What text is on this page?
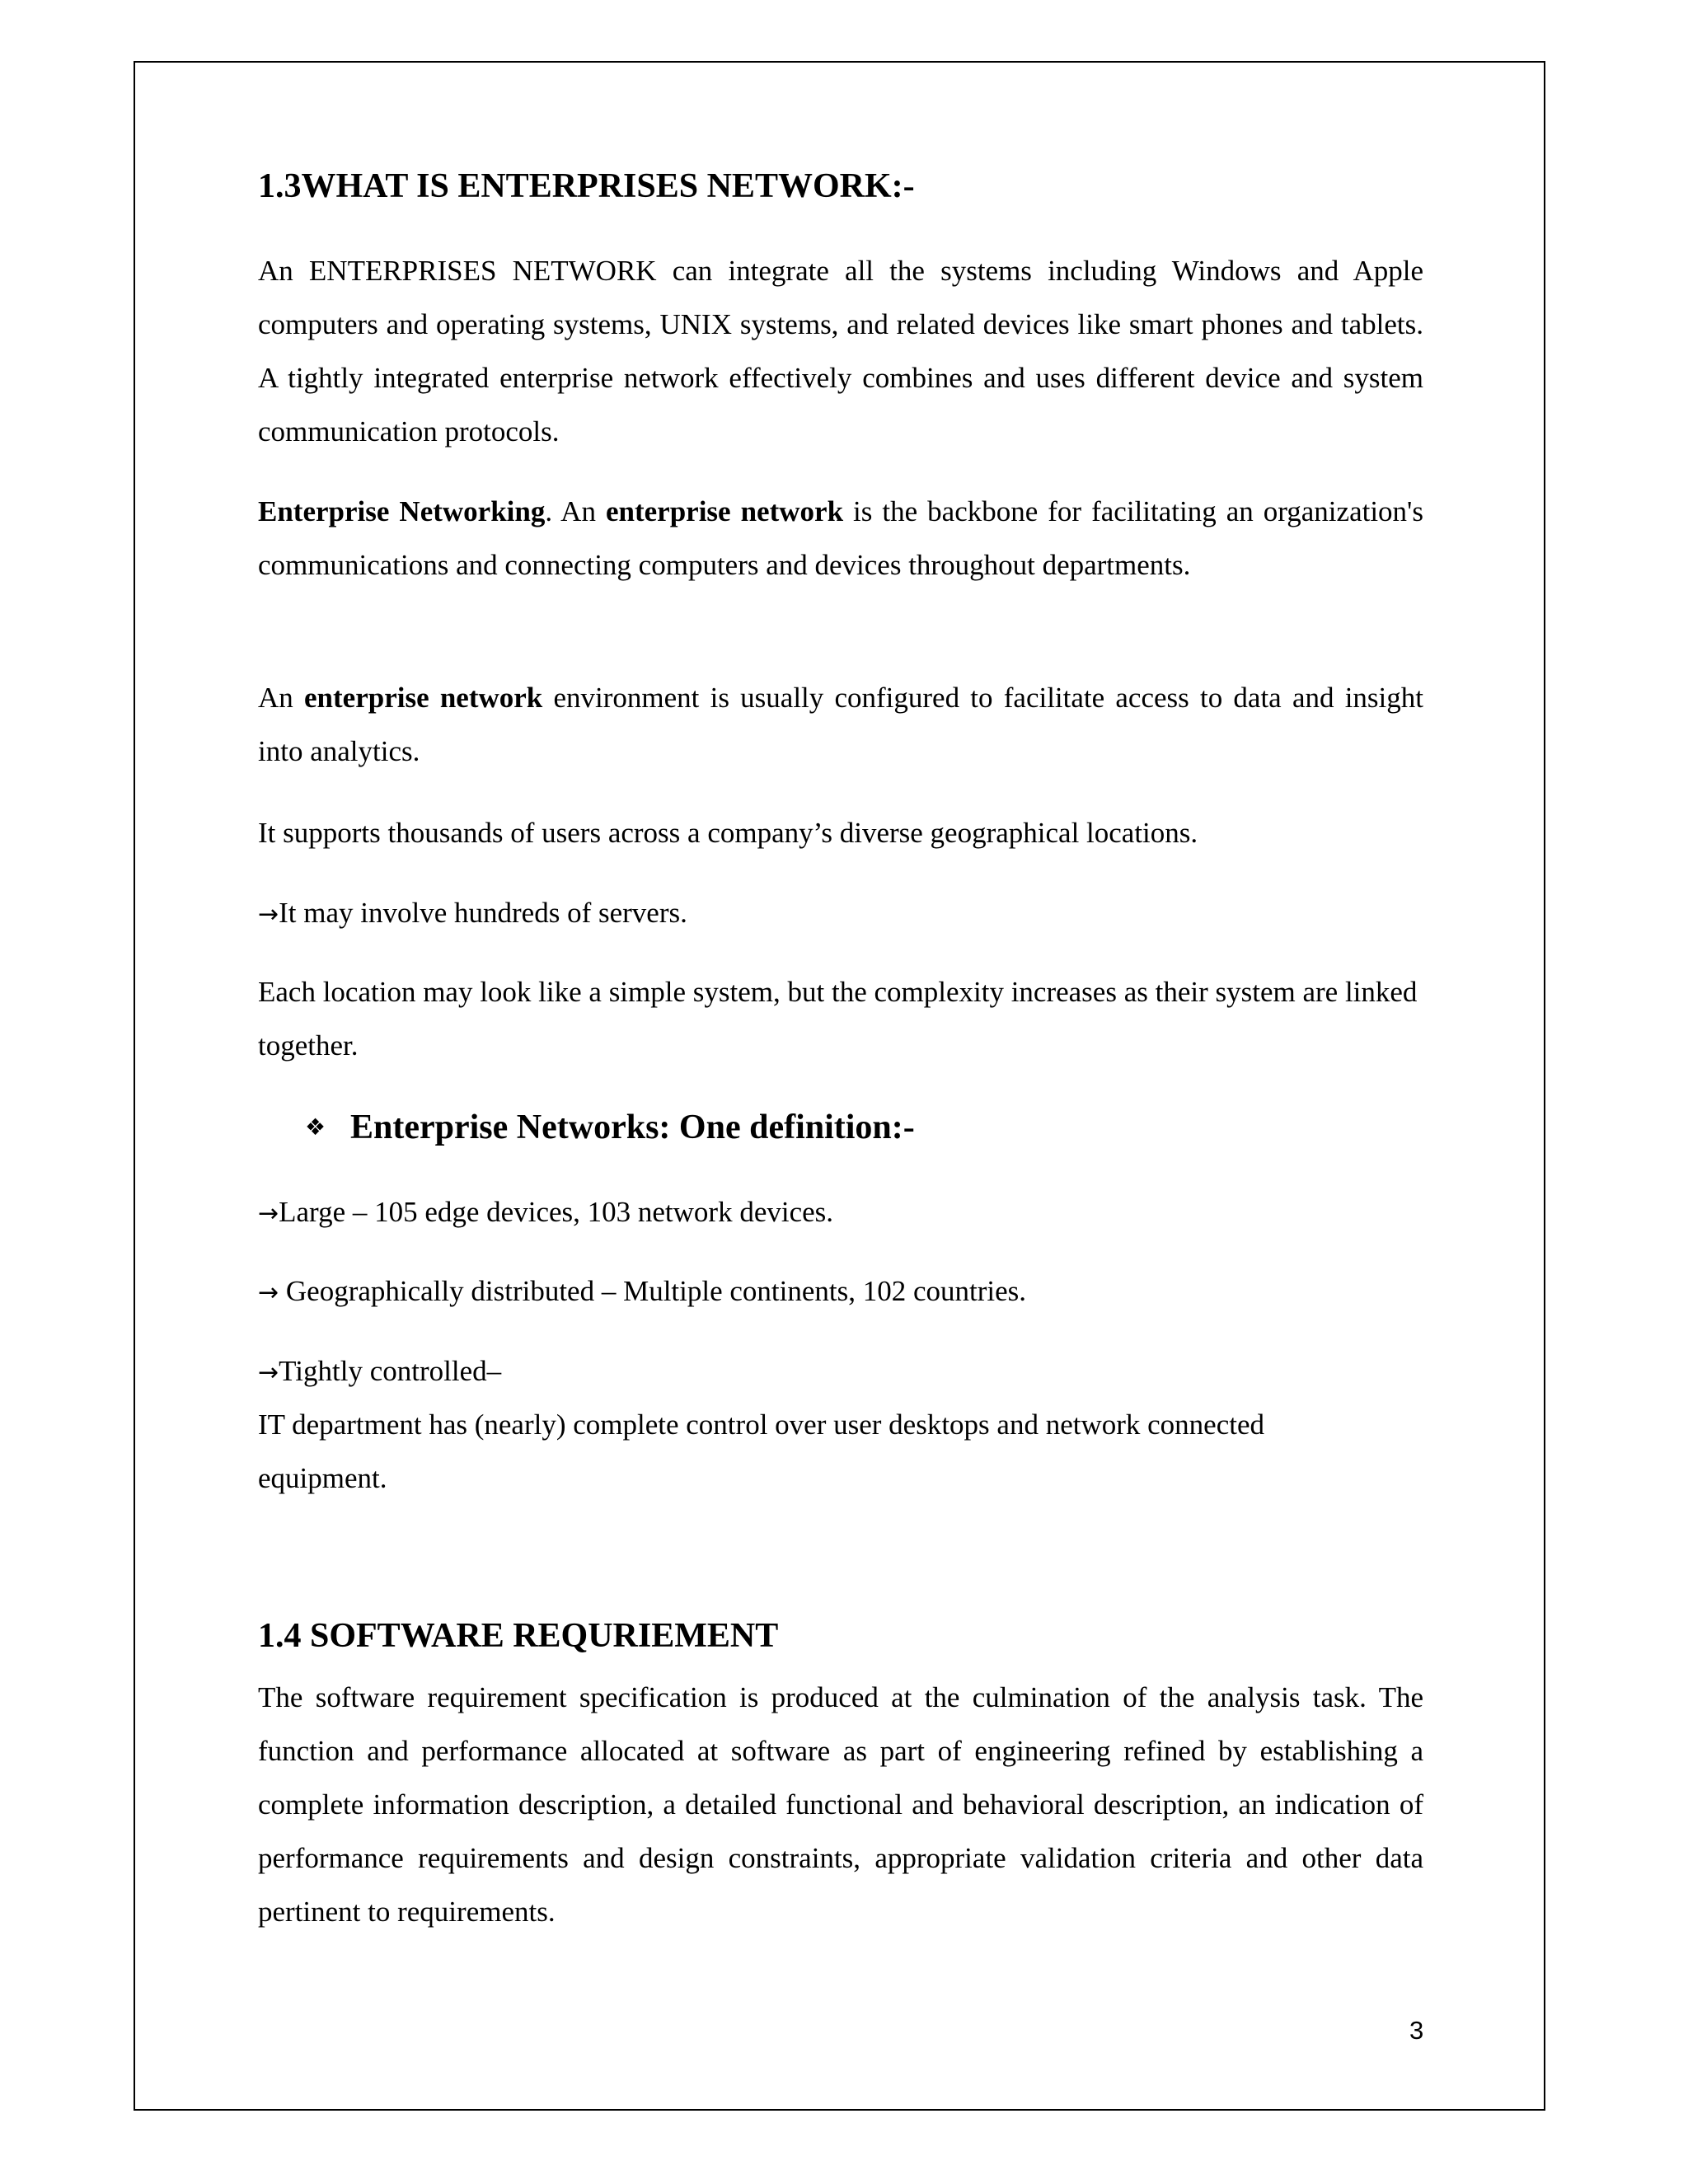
1.3WHAT IS ENTERPRISES NETWORK:-

An ENTERPRISES NETWORK can integrate all the systems including Windows and Apple computers and operating systems, UNIX systems, and related devices like smart phones and tablets. A tightly integrated enterprise network effectively combines and uses different device and system communication protocols.

Enterprise Networking. An enterprise network is the backbone for facilitating an organization's communications and connecting computers and devices throughout departments.

An enterprise network environment is usually configured to facilitate access to data and insight into analytics.

It supports thousands of users across a company’s diverse geographical locations.
→It may involve hundreds of servers.

Each location may look like a simple system, but the complexity increases as their system are linked together.

❖ Enterprise Networks: One definition:-
→Large – 105 edge devices, 103 network devices.
→ Geographically distributed – Multiple continents, 102 countries.
→Tightly controlled–
IT department has (nearly) complete control over user desktops and network connected
equipment.
1.4 SOFTWARE REQURIEMENT

The software requirement specification is produced at the culmination of the analysis task. The function and performance allocated at software as part of engineering refined by establishing a complete information description, a detailed functional and behavioral description, an indication of performance requirements and design constraints, appropriate validation criteria and other data pertinent to requirements.

3
